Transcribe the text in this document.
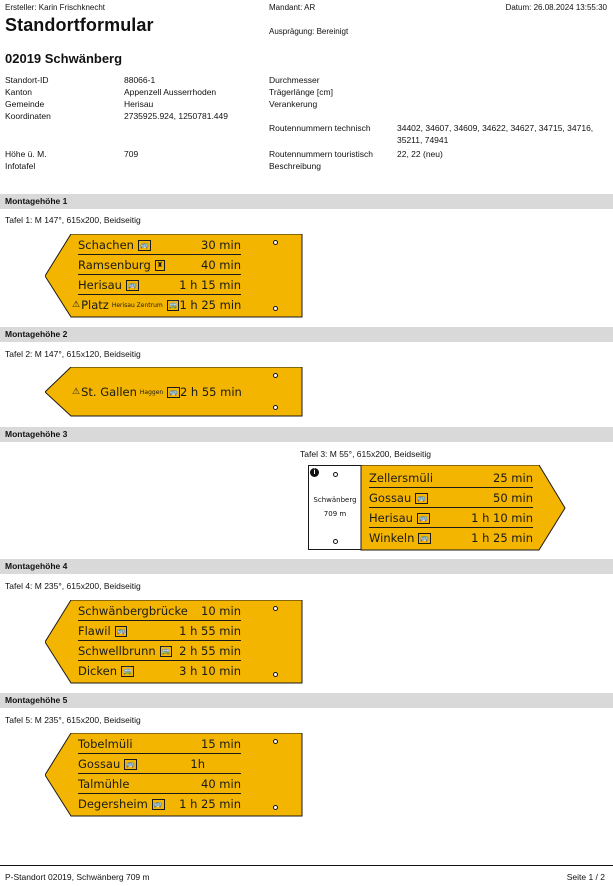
Ersteller: Karin Frischknecht	Mandant: AR	Datum: 26.08.2024 13:55:30
Standortformular	Ausprägung: Bereinigt
02019 Schwänberg
Standort-ID	88066-1
Kanton	Appenzell Ausserrhoden
Gemeinde	Herisau
Koordinaten	2735925.924, 1250781.449
Höhe ü. M.	709
Infotafel
Durchmesser
Trägerlänge [cm]
Verankerung
Routennummern technisch	34402, 34607, 34609, 34622, 34627, 34715, 34716, 35211, 74941
Routennummern touristisch	22, 22 (neu)
Beschreibung
Montagehöhe 1
Tafel 1: M 147°, 615x200, Beidseitig
Schachen 🚌	30 min
Ramsenburg ♜	40 min
Herisau 🚌	1 h 15 min
⚠ Platz Herisau Zentrum 🚎 1 h 25 min
Montagehöhe 2
Tafel 2: M 147°, 615x120, Beidseitig
⚠ St. Gallen Haggen 🚌 2 h 55 min
Montagehöhe 3
Tafel 3: M 55°, 615x200, Beidseitig
i
Schwänberg
709 m
Zellersmüli	25 min
Gossau 🚌	50 min
Herisau 🚌	1 h 10 min
Winkeln 🚌	1 h 25 min
Montagehöhe 4
Tafel 4: M 235°, 615x200, Beidseitig
Schwänbergbrücke 10 min
Flawil 🚌	1 h 55 min
Schwellbrunn 🚎 2 h 55 min
Dicken 🚎	3 h 10 min
Montagehöhe 5
Tafel 5: M 235°, 615x200, Beidseitig
Tobelmüli	15 min
Gossau 🚌	1h
Talmühle	40 min
Degersheim 🚌 1 h 25 min
P-Standort 02019, Schwänberg 709 m	Seite 1 / 2
